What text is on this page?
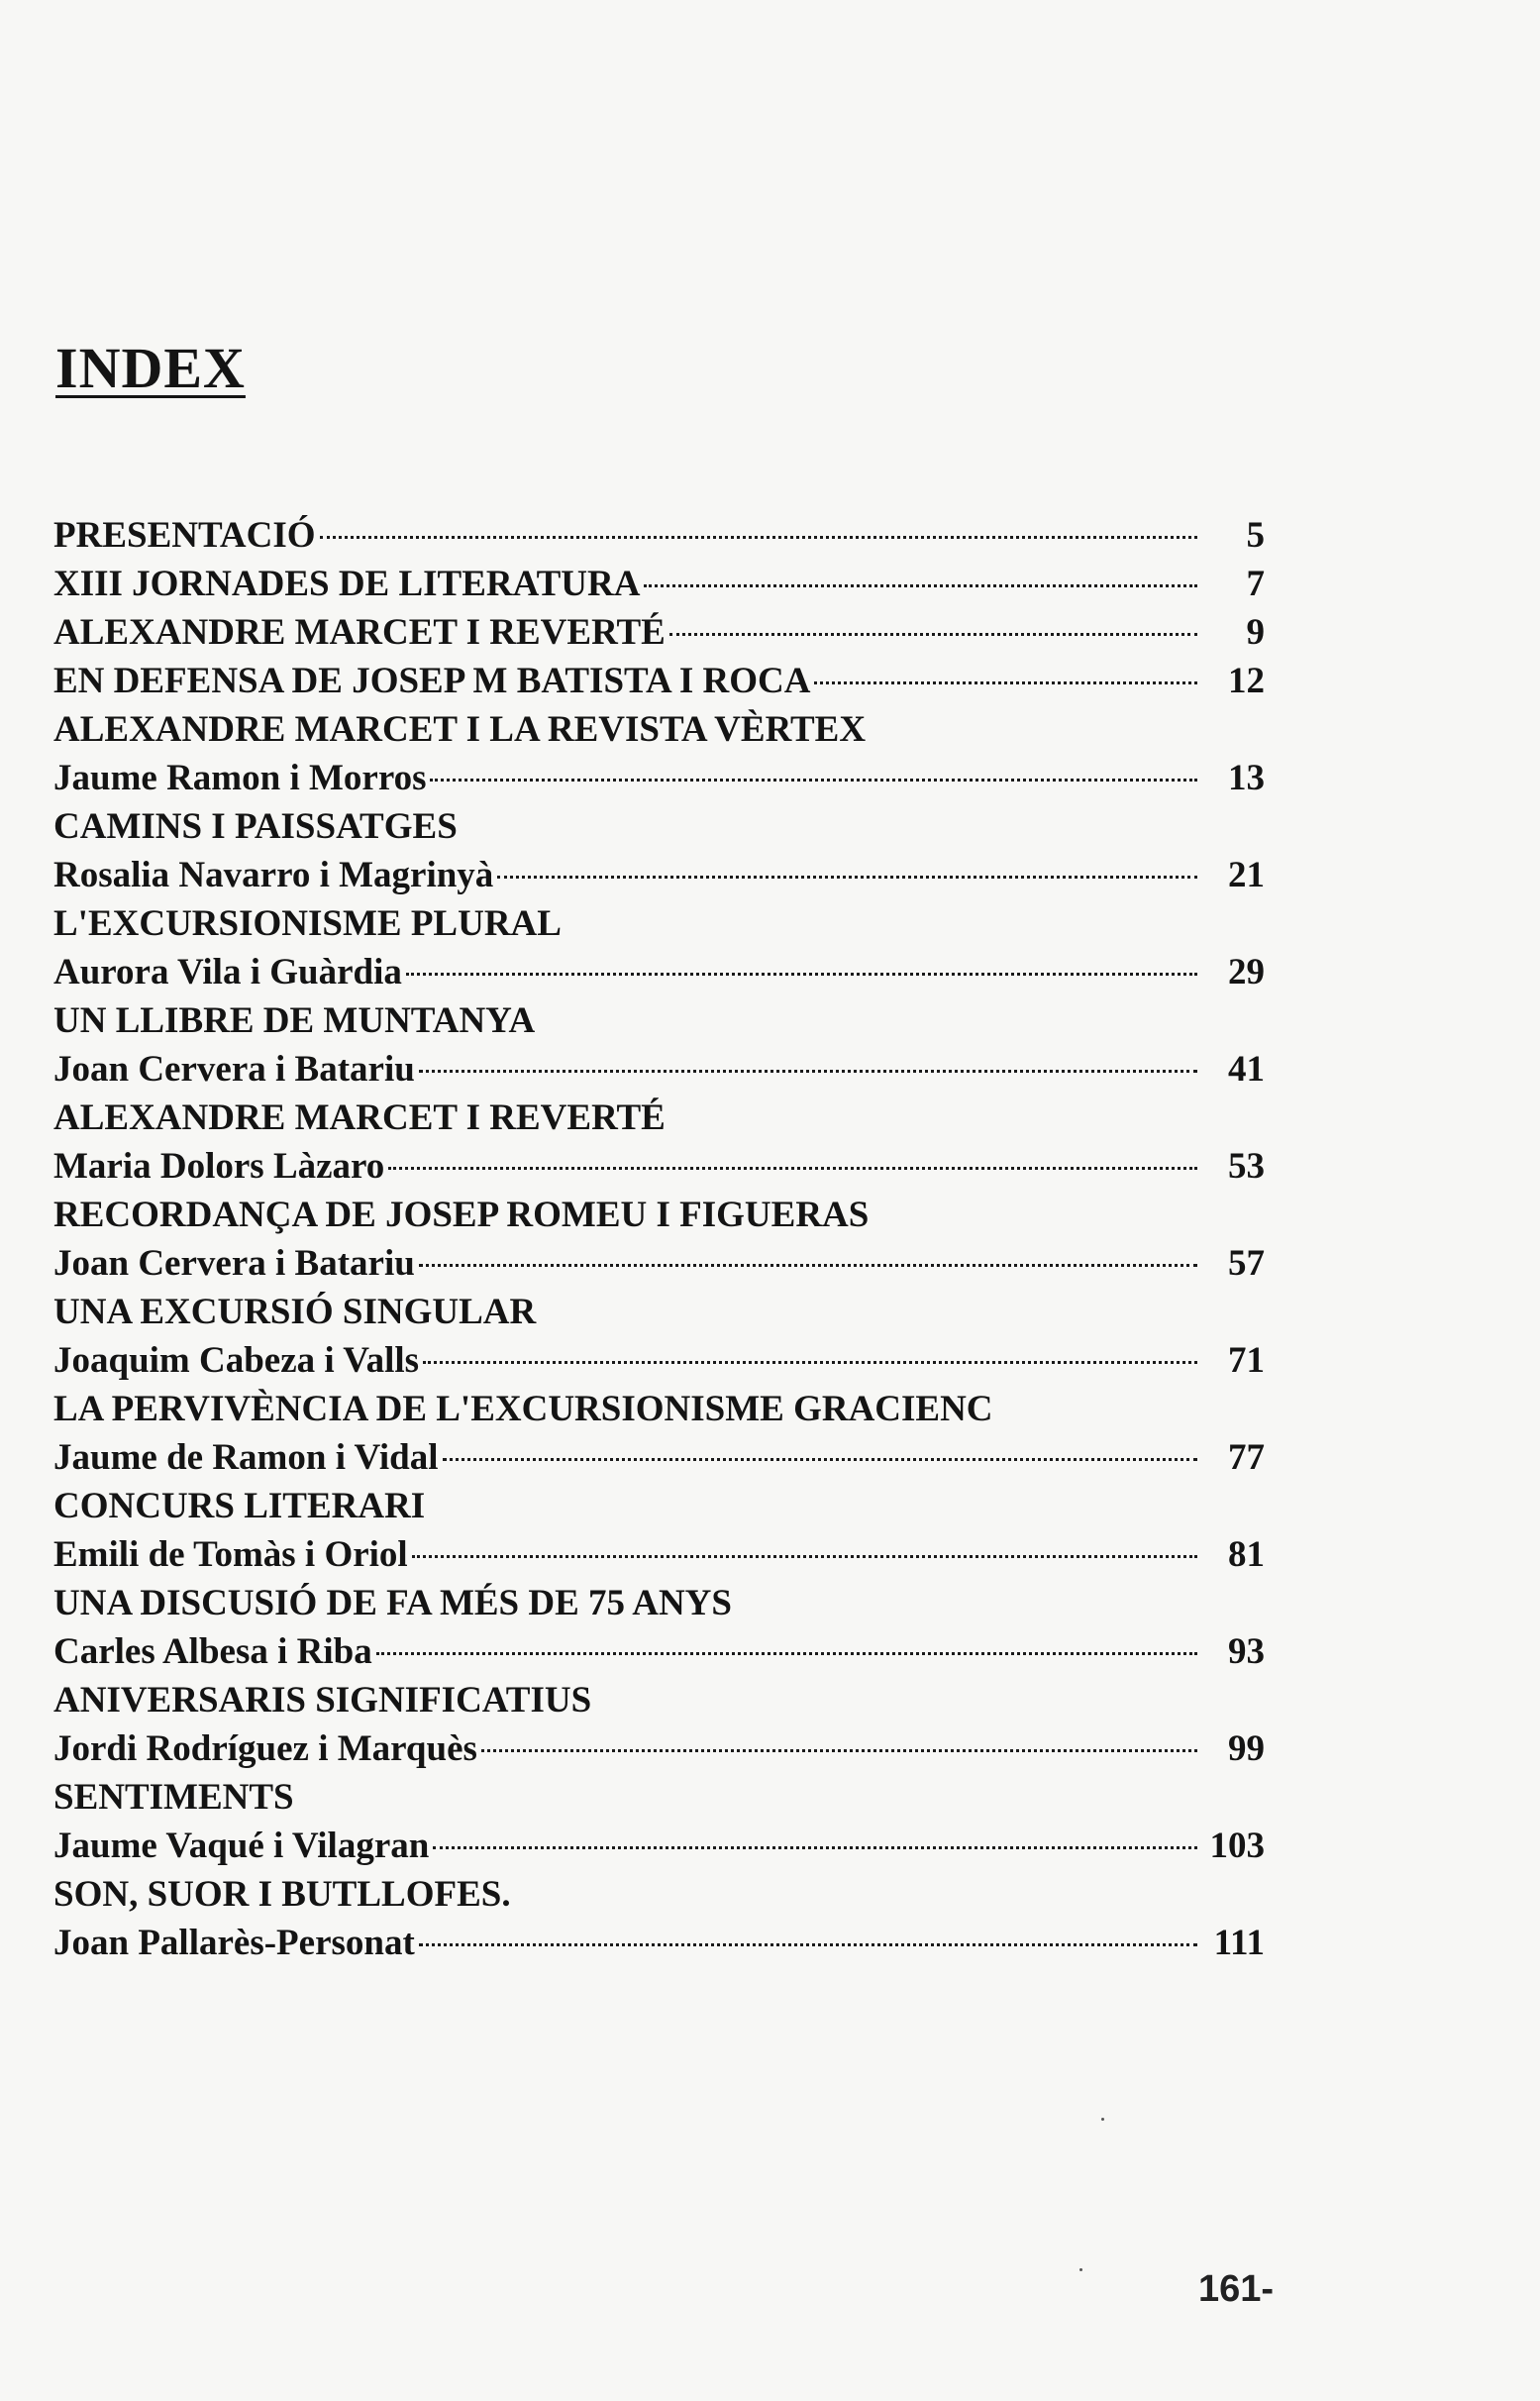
INDEX
PRESENTACIÓ	5
XIII JORNADES DE LITERATURA	7
ALEXANDRE MARCET I REVERTÉ	9
EN DEFENSA DE JOSEP M BATISTA I ROCA	12
ALEXANDRE MARCET I LA REVISTA VÈRTEX
Jaume Ramon i Morros	13
CAMINS I PAISSATGES
Rosalia Navarro i Magrinyà	21
L'EXCURSIONISME PLURAL
Aurora Vila i Guàrdia	29
UN LLIBRE DE MUNTANYA
Joan Cervera i Batariu	41
ALEXANDRE MARCET I REVERTÉ
Maria Dolors Làzaro	53
RECORDANÇA DE JOSEP ROMEU I FIGUERAS
Joan Cervera i Batariu	57
UNA EXCURSIÓ SINGULAR
Joaquim Cabeza i Valls	71
LA PERVIVÈNCIA DE L'EXCURSIONISME GRACIENC
Jaume de Ramon i Vidal	77
CONCURS LITERARI
Emili de Tomàs i Oriol	81
UNA DISCUSIÓ DE FA MÉS DE 75 ANYS
Carles Albesa i Riba	93
ANIVERSARIS SIGNIFICATIUS
Jordi Rodríguez i Marquès	99
SENTIMENTS
Jaume Vaqué i Vilagran	103
SON, SUOR I BUTLLOFES.
Joan Pallarès-Personat	111
161-
